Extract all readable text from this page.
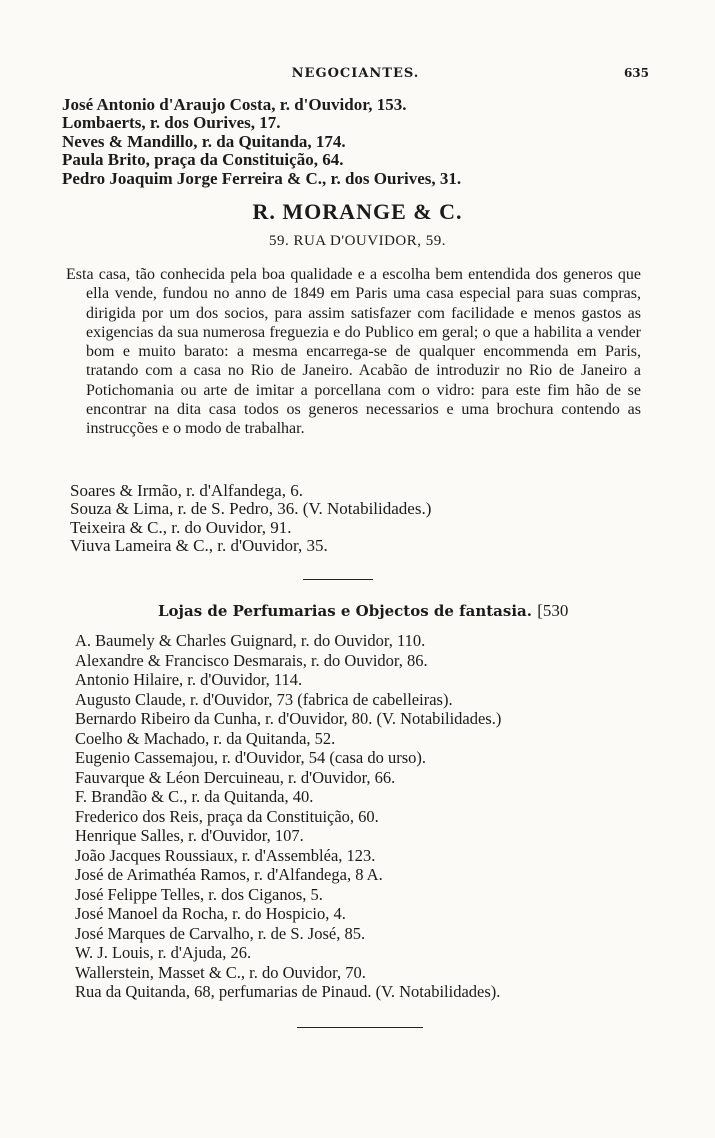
NEGOCIANTES.	635
José Antonio d'Araujo Costa, r. d'Ouvidor, 153.
Lombaerts, r. dos Ourives, 17.
Neves & Mandillo, r. da Quitanda, 174.
Paula Brito, praça da Constituição, 64.
Pedro Joaquim Jorge Ferreira & C., r. dos Ourives, 31.
R. MORANGE & C.
59. RUA D'OUVIDOR, 59.
Esta casa, tão conhecida pela boa qualidade e a escolha bem entendida dos generos que ella vende, fundou no anno de 1849 em Paris uma casa especial para suas compras, dirigida por um dos socios, para assim satisfazer com facilidade e menos gastos as exigencias da sua numerosa freguezia e do Publico em geral; o que a habilita a vender bom e muito barato: a mesma encarrega-se de qualquer encommenda em Paris, tratando com a casa no Rio de Janeiro. Acabão de introduzir no Rio de Janeiro a Potichomania ou arte de imitar a porcellana com o vidro: para este fim hão de se encontrar na dita casa todos os generos necessarios e uma brochura contendo as instrucções e o modo de trabalhar.
Soares & Irmão, r. d'Alfandega, 6.
Souza & Lima, r. de S. Pedro, 36. (V. Notabilidades.)
Teixeira & C., r. do Ouvidor, 91.
Viuva Lameira & C., r. d'Ouvidor, 35.
Lojas de Perfumarias e Objectos de fantasia. [530
A. Baumely & Charles Guignard, r. do Ouvidor, 110.
Alexandre & Francisco Desmarais, r. do Ouvidor, 86.
Antonio Hilaire, r. d'Ouvidor, 114.
Augusto Claude, r. d'Ouvidor, 73 (fabrica de cabelleiras).
Bernardo Ribeiro da Cunha, r. d'Ouvidor, 80. (V. Notabilidades.)
Coelho & Machado, r. da Quitanda, 52.
Eugenio Cassemajou, r. d'Ouvidor, 54 (casa do urso).
Fauvarque & Léon Dercuineau, r. d'Ouvidor, 66.
F. Brandão & C., r. da Quitanda, 40.
Frederico dos Reis, praça da Constituição, 60.
Henrique Salles, r. d'Ouvidor, 107.
João Jacques Roussiaux, r. d'Assembléa, 123.
José de Arimathéa Ramos, r. d'Alfandega, 8 A.
José Felippe Telles, r. dos Ciganos, 5.
José Manoel da Rocha, r. do Hospicio, 4.
José Marques de Carvalho, r. de S. José, 85.
W. J. Louis, r. d'Ajuda, 26.
Wallerstein, Masset & C., r. do Ouvidor, 70.
Rua da Quitanda, 68, perfumarias de Pinaud. (V. Notabilidades).
